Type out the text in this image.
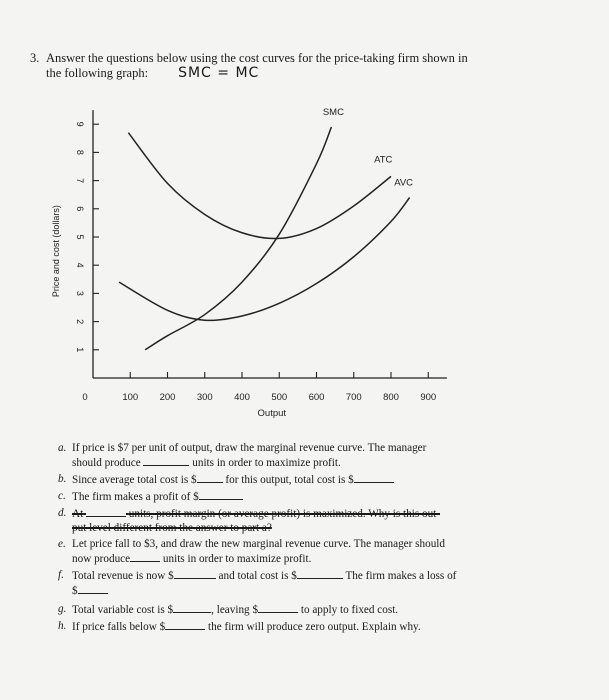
3. Answer the questions below using the cost curves for the price-taking firm shown in
the following graph: SMC = MC
1
2
3
4
5
6
7
8
9
0	100 200 300 400 500 600 700 800 900
Output
Price and cost (dollars)
SMC
ATC
AVC
a. If price is $7 per unit of output, draw the marginal revenue curve. The manager
should produce	units in order to maximize profit.
b. Since average total cost is $	for this output, total cost is $
c. The firm makes a profit of $
d. At	units, profit margin (or average profit) is maximized. Why is this out-
put level different from the answer to part a?
e. Let price fall to $3, and draw the new marginal revenue curve. The manager should
now produce	units in order to maximize profit.
f. Total revenue is now $	and total cost is $	The firm makes a loss of
$
g. Total variable cost is $	, leaving $	to apply to fixed cost.
h. If price falls below $	the firm will produce zero output. Explain why.
